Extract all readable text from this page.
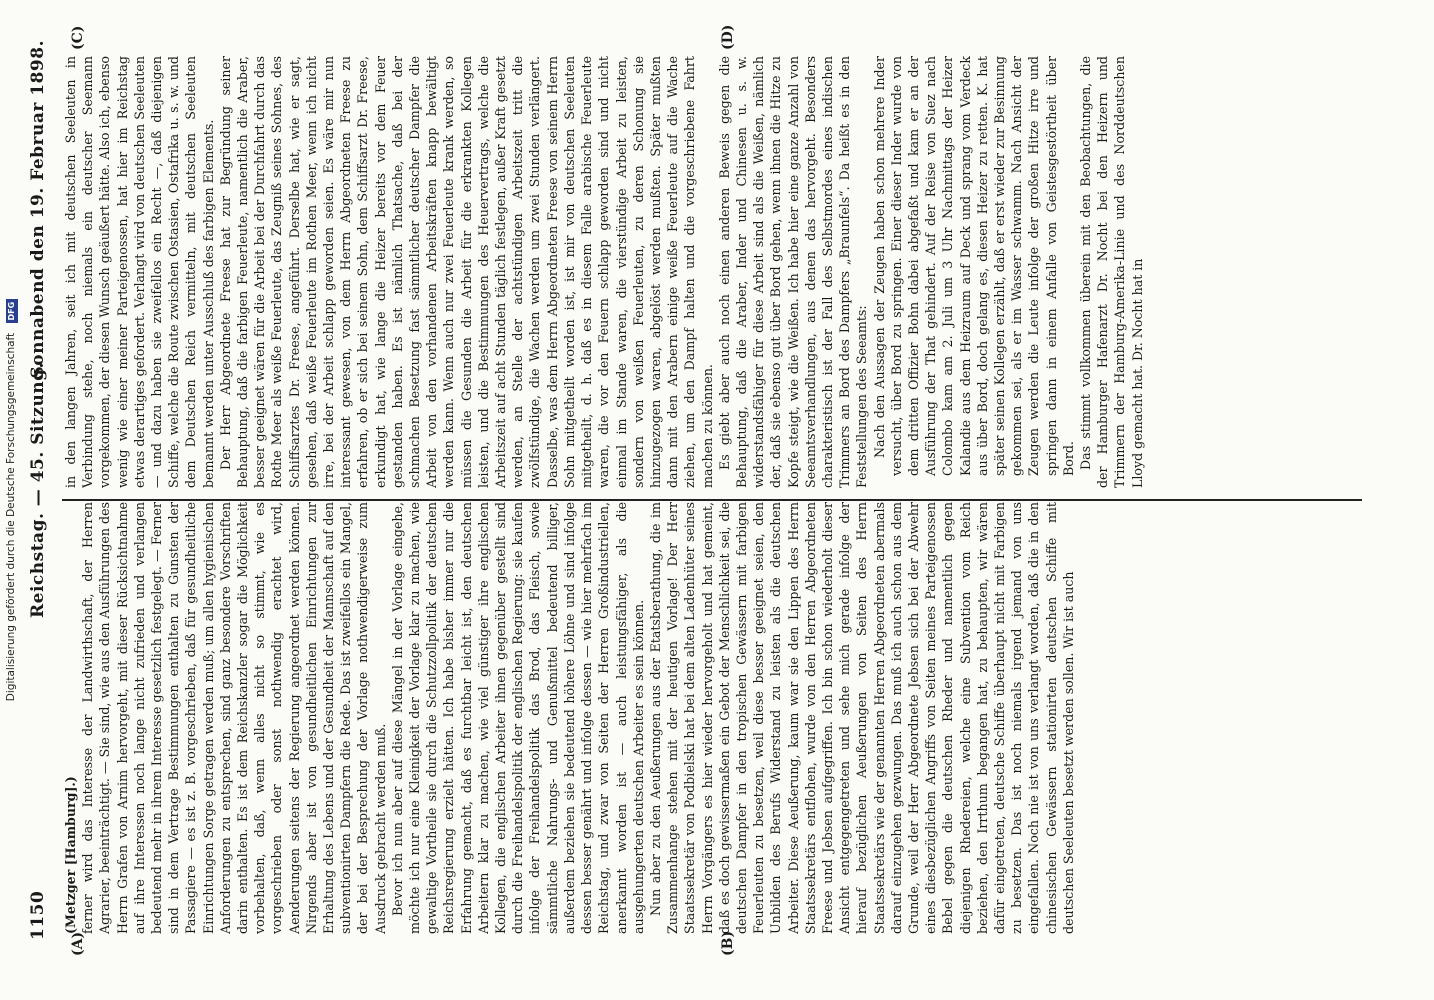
1150
Reichstag. — 45. Sitzung.
Sonnabend den 19. Februar 1898.
(A)	(B)
(C)	(D)

(Metzger [Hamburg].) ferner wird das Interesse der Landwirthschaft, der Herren Agrarier, beeinträchtigt. — Sie sind, wie aus den Ausführungen des Herrn Grafen von Arnim hervorgeht, mit dieser Rücksichtnahme auf ihre Interessen noch lange nicht zufrieden und verlangen bedeutend mehr in ihrem Interesse gesetzlich festgelegt. — Ferner sind in dem Vertrage Bestimmungen enthalten zu Gunsten der Passagiere — es ist z. B. vorgeschrieben, daß für gesundheitliche Einrichtungen Sorge getragen werden muß; um allen hygienischen Anforderungen zu entsprechen, sind ganz besondere Vorschriften darin enthalten. Es ist dem Reichskanzler sogar die Möglichkeit vorbehalten, daß, wenn alles nicht so stimmt, wie es vorgeschrieben oder sonst nothwendig erachtet wird, Aenderungen seitens der Regierung angeordnet werden können. Nirgends aber ist von gesundheitlichen Einrichtungen zur Erhaltung des Lebens und der Gesundheit der Mannschaft auf den subventionirten Dampfern die Rede. Das ist zweifellos ein Mangel, der bei der Besprechung der Vorlage nothwendigerweise zum Ausdruck gebracht werden muß. Bevor ich nun aber auf diese Mängel in der Vorlage eingehe, möchte ich nur eine Kleinigkeit der Vorlage klar zu machen, wie gewaltige Vortheile sie durch die Schutzzollpolitik der deutschen Reichsregierung erzielt hätten. Ich habe bisher immer nur die Erfahrung gemacht, daß es furchtbar leicht ist, den deutschen Arbeitern klar zu machen, wie viel günstiger ihre englischen Kollegen, die englischen Arbeiter ihnen gegenüber gestellt sind durch die Freihandelspolitik der englischen Regierung: sie kaufen infolge der Freihandelspolitik das Brod, das Fleisch, sowie sämmtliche Nahrungs- und Genußmittel bedeutend billiger, außerdem beziehen sie bedeutend höhere Löhne und sind infolge dessen besser genährt und infolge dessen — wie hier mehrfach im Reichstag, und zwar von Seiten der Herren Großindustriellen, anerkannt worden ist — auch leistungsfähiger, als die ausgehungerten deutschen Arbeiter es sein können. Nun aber zu den Aeußerungen aus der Etatsberathung, die im Zusammenhange stehen mit der heutigen Vorlage! Der Herr Staatssekretär von Podbielski hat bei dem alten Ladenhüter seines Herrn Vorgängers es hier wieder hervorgeholt und hat gemeint, daß es doch gewissermaßen ein Gebot der Menschlichkeit sei, die deutschen Dampfer in den tropischen Gewässern mit farbigen Feuerleuten zu besetzen, weil diese besser geeignet seien, den Unbilden des Berufs Widerstand zu leisten als die deutschen Arbeiter. Diese Aeußerung, kaum war sie den Lippen des Herrn Staatssekretärs entflohen, wurde von den Herren Abgeordneten Freese und Jebsen aufgegriffen. Ich bin schon wiederholt dieser Ansicht entgegengetreten und sehe mich gerade infolge der hierauf bezüglichen Aeußerungen von Seiten des Herrn Staatssekretärs wie der genannten Herren Abgeordneten abermals darauf einzugehen gezwungen. Das muß ich auch schon aus dem Grunde, weil der Herr Abgeordnete Jebsen sich bei der Abwehr eines diesbezüglichen Angriffs von Seiten meines Parteigenossen Bebel gegen die deutschen Rheder und namentlich gegen diejenigen Rhedereien, welche eine Subvention vom Reich beziehen, den Irrthum begangen hat, zu behaupten, wir wären dafür eingetreten, deutsche Schiffe überhaupt nicht mit Farbigen zu besetzen. Das ist noch niemals irgend jemand von uns eingefallen. Noch nie ist von uns verlangt worden, daß die in den chinesischen Gewässern stationirten deutschen Schiffe mit deutschen Seeleuten besetzt werden sollen. Wir ist auch

in den langen Jahren, seit ich mit deutschen Seeleuten in Verbindung stehe, noch niemals ein deutscher Seemann vorgekommen, der diesen Wunsch geäußert hätte. Also ich, ebenso wenig wie einer meiner Parteigenossen, hat hier im Reichstag etwas derartiges gefordert. Verlangt wird von deutschen Seeleuten — und dazu haben sie zweifellos ein Recht —, daß diejenigen Schiffe, welche die Route zwischen Ostasien, Ostafrika u. s. w. und dem Deutschen Reich vermitteln, mit deutschen Seeleuten bemannt werden unter Ausschluß des farbigen Elements. Der Herr Abgeordnete Freese hat zur Begründung seiner Behauptung, daß die farbigen Feuerleute, namentlich die Araber, besser geeignet wären für die Arbeit bei der Durchfahrt durch das Rothe Meer als weiße Feuerleute, das Zeugniß seines Sohnes, des Schiffsarztes Dr. Freese, angeführt. Derselbe hat, wie er sagt, gesehen, daß weiße Feuerleute im Rothen Meer, wenn ich nicht irre, bei der Arbeit schlapp geworden seien. Es wäre mir nun interessant gewesen, von dem Herrn Abgeordneten Freese zu erfahren, ob er sich bei seinem Sohn, dem Schiffsarzt Dr. Freese, erkundigt hat, wie lange die Heizer bereits vor dem Feuer gestanden haben. Es ist nämlich Thatsache, daß bei der schmachen Besetzung fast sämmtlicher deutscher Dampfer die Arbeit von den vorhandenen Arbeitskräften knapp bewältigt werden kann. Wenn auch nur zwei Feuerleute krank werden, so müssen die Gesunden die Arbeit für die erkrankten Kollegen leisten, und die Bestimmungen des Heuervertrags, welche die Arbeitszeit auf acht Stunden täglich festlegen, außer Kraft gesetzt werden, an Stelle der achtstündigen Arbeitszeit tritt die zwölfstündige, die Wachen werden um zwei Stunden verlängert. Dasselbe, was dem Herrn Abgeordneten Freese von seinem Herrn Sohn mitgetheilt worden ist, ist mir von deutschen Seeleuten mitgetheilt, d. h. daß es in diesem Falle arabische Feuerleute waren, die vor den Feuern schlapp geworden sind und nicht einmal im Stande waren, die vierstündige Arbeit zu leisten, sondern von weißen Feuerleuten, zu deren Schonung sie hinzugezogen waren, abgelöst werden mußten. Später mußten dann mit den Arabern einige weiße Feuerleute auf die Wache ziehen, um den Dampf halten und die vorgeschriebene Fahrt machen zu können. Es giebt aber auch noch einen anderen Beweis gegen die Behauptung, daß die Araber, Inder und Chinesen u. s. w. widerstandsfähiger für diese Arbeit sind als die Weißen, nämlich der, daß sie ebenso gut über Bord gehen, wenn ihnen die Hitze zu Kopfe steigt, wie die Weißen. Ich habe hier eine ganze Anzahl von Seeamtsverhandlungen, aus denen das hervorgeht. Besonders charakteristisch ist der Fall des Selbstmordes eines indischen Trimmers an Bord des Dampfers „Braunfels“. Da heißt es in den Feststellungen des Seeamts: Nach den Aussagen der Zeugen haben schon mehrere Inder versucht, über Bord zu springen. Einer dieser Inder wurde von dem dritten Offizier Bohn dabei abgefaßt und kam er an der Ausführung der That gehindert. Auf der Reise von Suez nach Colombo kam am 2. Juli um 3 Uhr Nachmittags der Heizer Kalandie aus dem Heizraum auf Deck und sprang vom Verdeck aus über Bord, doch gelang es, diesen Heizer zu retten. K. hat später seinen Kollegen erzählt, daß er erst wieder zur Besinnung gekommen sei, als er im Wasser schwamm. Nach Ansicht der Zeugen werden die Leute infolge der großen Hitze irre und springen dann in einem Anfalle von Geistesgestörtheit über Bord. Das stimmt vollkommen überein mit den Beobachtungen, die der Hamburger Hafenarzt Dr. Nocht bei den Heizern und Trimmern der Hamburg-Amerika-Linie und des Norddeutschen Lloyd gemacht hat. Dr. Nocht hat in

Digitalisierung gefördert durch die Deutsche Forschungsgemeinschaft DFG
